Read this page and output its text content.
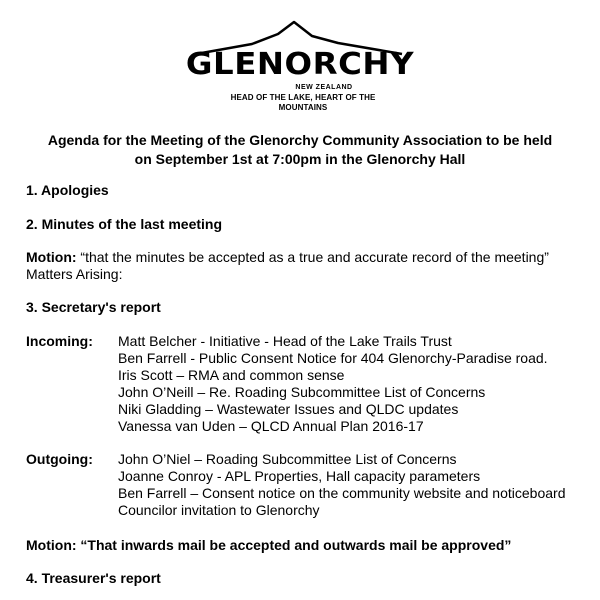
GLENORCHY
NEW ZEALAND
HEAD OF THE LAKE, HEART OF THE MOUNTAINS
Agenda for the Meeting of the Glenorchy Community Association to be held
on September 1st at 7:00pm in the Glenorchy Hall
1. Apologies
2. Minutes of the last meeting
Motion: “that the minutes be accepted as a true and accurate record of the meeting”
Matters Arising:
3. Secretary's report
Incoming: Matt Belcher - Initiative - Head of the Lake Trails Trust
Ben Farrell - Public Consent Notice for 404 Glenorchy-Paradise road.
Iris Scott – RMA and common sense
John O’Neill – Re. Roading Subcommittee List of Concerns
Niki Gladding – Wastewater Issues and QLDC updates
Vanessa van Uden – QLCD Annual Plan 2016-17
Outgoing: John O’Niel – Roading Subcommittee List of Concerns
Joanne Conroy - APL Properties, Hall capacity parameters
Ben Farrell – Consent notice on the community website and noticeboard
Councilor invitation to Glenorchy
Motion: “That inwards mail be accepted and outwards mail be approved”
4. Treasurer's report
